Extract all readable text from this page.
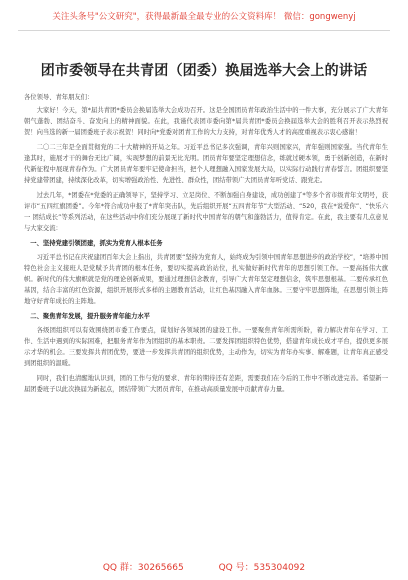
关注头条号"公文研究"，获得最新最全最专业的公文资料库！ 微信：gongwenyj
团市委领导在共青团（团委）换届选举大会上的讲话

各位领导、青年朋友们：

大家好！今天，第*届共青团*委员会换届选举大会成功召开。这是全国团员青年政治生活中的一件大事，充分展示了广大青年朝气蓬勃、团结奋斗、奋发向上的精神面貌。在此，我谨代表团市委向第*届共青团*委员会换届选举大会的胜利召开表示热烈祝贺！向当选的新一届团委班子表示祝贺！同时向*党委对团青工作的大力支持，对青年优秀人才的高度重视表示衷心感谢！

二〇二三年是全面贯彻党的二十大精神的开局之年。习近平总书记多次强调，青年兴则国家兴，青年强则国家强。当代青年生逢其时，施展才干的舞台无比广阔，实现梦想的前景无比光明。团员青年要坚定理想信念，练就过硬本领，勇于创新创造，在新时代新征程中展现青春作为。广大团员青年要牢记使命担当，把个人理想融入国家发展大局，以实际行动践行青春誓言。团组织要坚持党建带团建，持续深化改革，切实增强政治性、先进性、群众性，团结带领广大团员青年听党话、跟党走。

过去几年，*团委在*党委的正确领导下，坚持学习、立足岗位、不断加强自身建设，成功创建了*等多个省市级青年文明号，获评市“五四红旗团委”。今年*符合成功申报了*青年突击队，先后组织开展“五四青年节”大型活动、“520，我在*说爱你”、“快乐六一 团结成长”等系列活动，在这些活动中你们充分展现了新时代中国青年的朝气和蓬勃活力，值得肯定。在此，我主要有几点意见与大家交流：

一、坚持党建引领团建，抓实为党育人根本任务

习近平总书记在庆祝建团百年大会上指出，共青团要“坚持为党育人，始终成为引领中国青年思想进步的政治学校”，“培养中国特色社会主义接班人是党赋予共青团的根本任务，要切实提高政治站位，扎实做好新时代青年的思想引领工作。一要高扬伟大旗帜。新时代的伟大旗帜就是党的理论创新成果，要通过理想信念教育，引导广大青年坚定理想信念，筑牢思想根基。二要传承红色基因，结合丰富的红色资源，组织开展形式多样的主题教育活动，让红色基因融入青年血脉。三要守牢思想阵地，在思想引领主阵地守好青年成长的主阵地。

二、聚焦青年发展，提升服务青年能力水平

各级团组织可以有效围绕团市委工作要点，谋划好各领域团的建设工作。一要聚焦青年所需所盼，着力解决青年在学习、工作、生活中遇到的实际困难，把服务青年作为团组织的基本职责。二要发挥团组织特色优势，搭建青年成长成才平台，提供更多展示才华的机会。三要发挥共青团优势，要进一步发挥共青团的组织优势，主动作为，切实为青年办实事、解难题，让青年真正感受到团组织的温暖。

同时，我们也清醒地认识到，团的工作与党的要求、青年的期待还有差距，需要我们在今后的工作中不断改进完善。希望新一届团委班子以此次换届为新起点，团结带领广大团员青年，在推动高质量发展中贡献青春力量。

QQ 群：30265665	QQ 号：535304092
